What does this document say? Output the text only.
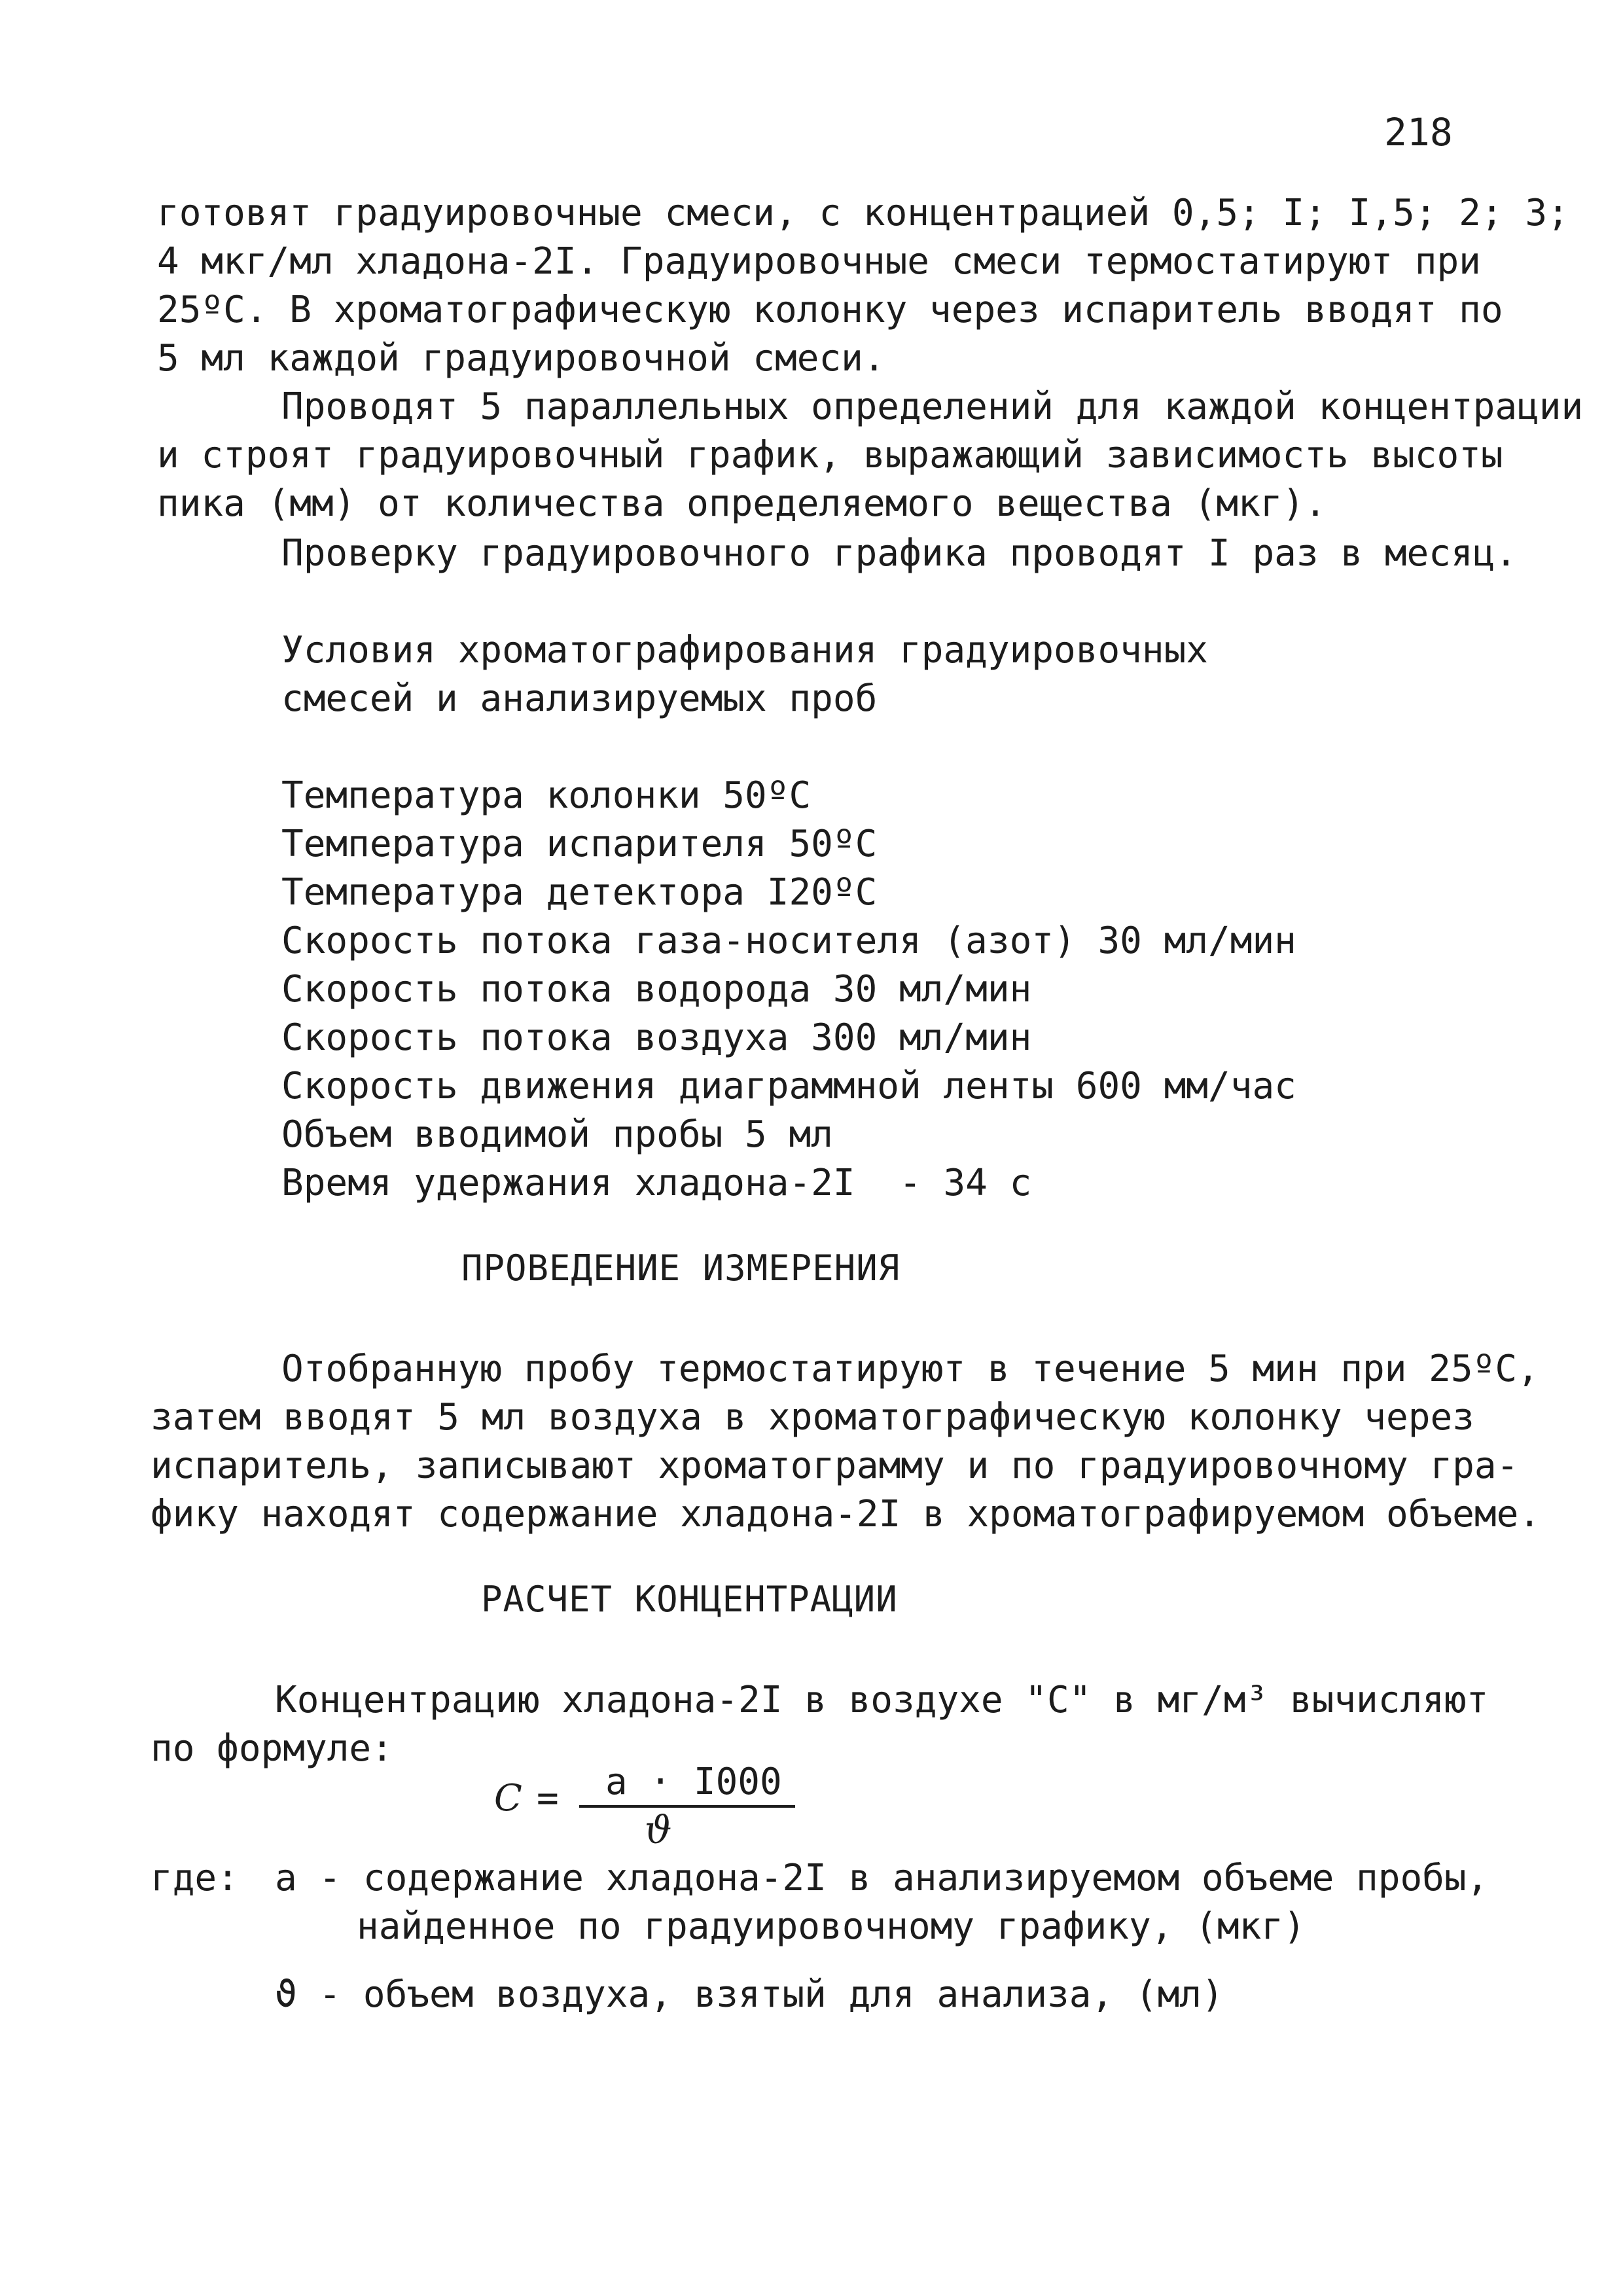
218
готовят градуировочные смеси, с концентрацией 0,5; I; I,5; 2; 3;
4 мкг/мл хладона-2I. Градуировочные смеси термостатируют при
25ºC. В хроматографическую колонку через испаритель вводят по
5 мл каждой градуировочной смеси.
Проводят 5 параллельных определений для каждой концентрации
и строят градуировочный график, выражающий зависимость высоты
пика (мм) от количества определяемого вещества (мкг).
Проверку градуировочного графика проводят I раз в месяц.
Условия хроматографирования градуировочных
смесей и анализируемых проб
Температура колонки 50ºC
Температура испарителя 50ºC
Температура детектора I20ºC
Скорость потока газа-носителя (азот) 30 мл/мин
Скорость потока водорода 30 мл/мин
Скорость потока воздуха 300 мл/мин
Скорость движения диаграммной ленты 600 мм/час
Объем вводимой пробы 5 мл
Время удержания хладона-2I  - 34 с
ПРОВЕДЕНИЕ ИЗМЕРЕНИЯ
Отобранную пробу термостатируют в течение 5 мин при 25ºC,
затем вводят 5 мл воздуха в хроматографическую колонку через
испаритель, записывают хроматограмму и по градуировочному гра-
фику находят содержание хладона-2I в хроматографируемом объеме.
РАСЧЕТ КОНЦЕНТРАЦИИ
Концентрацию хладона-2I в воздухе "С" в мг/м³ вычисляют
по формуле:
С = а · I000
ϑ
где: а - содержание хладона-2I в анализируемом объеме пробы,
найденное по градуировочному графику, (мкг)
ϑ - объем воздуха, взятый для анализа, (мл)
